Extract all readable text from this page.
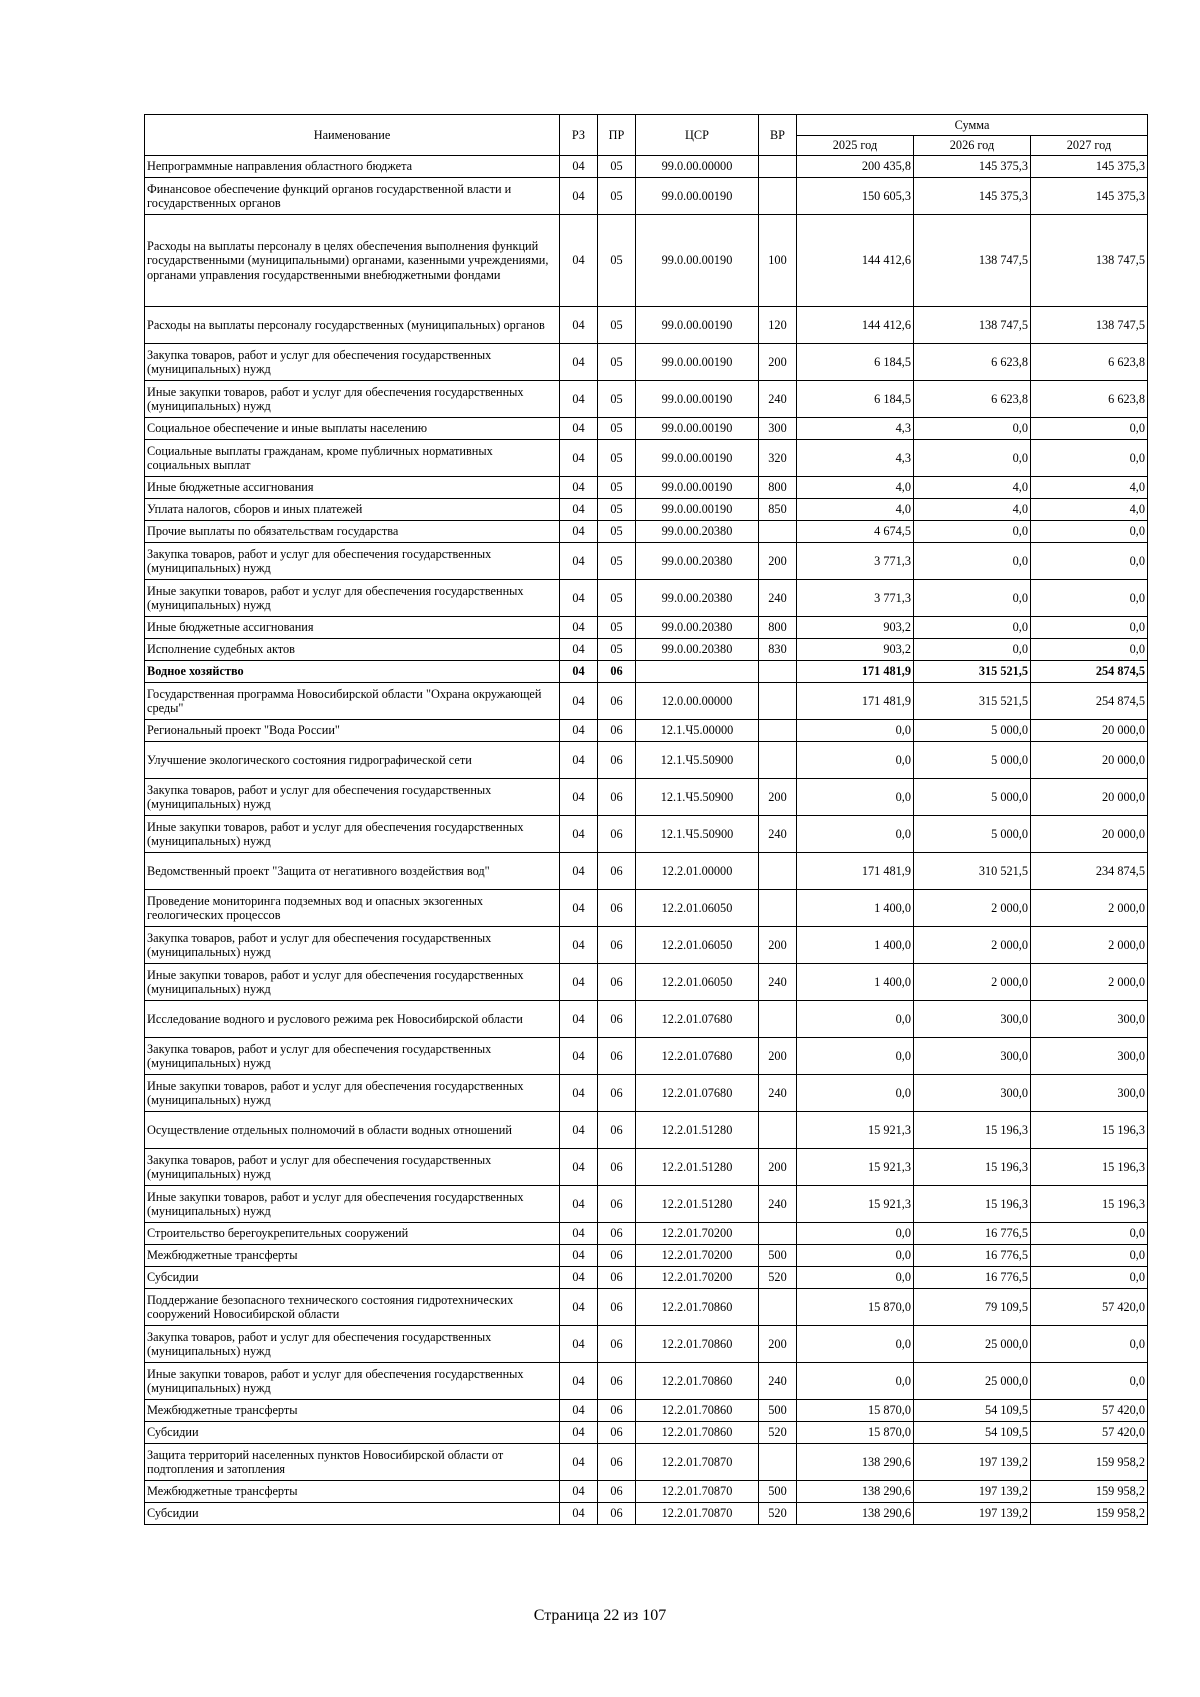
Наименование	РЗ	ПР	ЦСР	ВР	Сумма		
					2025 год	2026 год	2027 год
Непрограммные направления областного бюджета	04	05	99.0.00.00000		200 435,8	145 375,3	145 375,3
Финансовое обеспечение функций органов государственной власти и государственных органов	04	05	99.0.00.00190		150 605,3	145 375,3	145 375,3
Расходы на выплаты персоналу в целях обеспечения выполнения функций государственными (муниципальными) органами, казенными учреждениями, органами управления государственными внебюджетными фондами	04	05	99.0.00.00190	100	144 412,6	138 747,5	138 747,5
Расходы на выплаты персоналу государственных (муниципальных) органов	04	05	99.0.00.00190	120	144 412,6	138 747,5	138 747,5
Закупка товаров, работ и услуг для обеспечения государственных (муниципальных) нужд	04	05	99.0.00.00190	200	6 184,5	6 623,8	6 623,8
Иные закупки товаров, работ и услуг для обеспечения государственных (муниципальных) нужд	04	05	99.0.00.00190	240	6 184,5	6 623,8	6 623,8
Социальное обеспечение и иные выплаты населению	04	05	99.0.00.00190	300	4,3	0,0	0,0
Социальные выплаты гражданам, кроме публичных нормативных социальных выплат	04	05	99.0.00.00190	320	4,3	0,0	0,0
Иные бюджетные ассигнования	04	05	99.0.00.00190	800	4,0	4,0	4,0
Уплата налогов, сборов и иных платежей	04	05	99.0.00.00190	850	4,0	4,0	4,0
Прочие выплаты по обязательствам государства	04	05	99.0.00.20380		4 674,5	0,0	0,0
Закупка товаров, работ и услуг для обеспечения государственных (муниципальных) нужд	04	05	99.0.00.20380	200	3 771,3	0,0	0,0
Иные закупки товаров, работ и услуг для обеспечения государственных (муниципальных) нужд	04	05	99.0.00.20380	240	3 771,3	0,0	0,0
Иные бюджетные ассигнования	04	05	99.0.00.20380	800	903,2	0,0	0,0
Исполнение судебных актов	04	05	99.0.00.20380	830	903,2	0,0	0,0
Водное хозяйство	04	06			171 481,9	315 521,5	254 874,5
Государственная программа Новосибирской области "Охрана окружающей среды"	04	06	12.0.00.00000		171 481,9	315 521,5	254 874,5
Региональный проект "Вода России"	04	06	12.1.Ч5.00000		0,0	5 000,0	20 000,0
Улучшение экологического состояния гидрографической сети	04	06	12.1.Ч5.50900		0,0	5 000,0	20 000,0
Закупка товаров, работ и услуг для обеспечения государственных (муниципальных) нужд	04	06	12.1.Ч5.50900	200	0,0	5 000,0	20 000,0
Иные закупки товаров, работ и услуг для обеспечения государственных (муниципальных) нужд	04	06	12.1.Ч5.50900	240	0,0	5 000,0	20 000,0
Ведомственный проект "Защита от негативного воздействия вод"	04	06	12.2.01.00000		171 481,9	310 521,5	234 874,5
Проведение мониторинга подземных вод и опасных экзогенных геологических процессов	04	06	12.2.01.06050		1 400,0	2 000,0	2 000,0
Закупка товаров, работ и услуг для обеспечения государственных (муниципальных) нужд	04	06	12.2.01.06050	200	1 400,0	2 000,0	2 000,0
Иные закупки товаров, работ и услуг для обеспечения государственных (муниципальных) нужд	04	06	12.2.01.06050	240	1 400,0	2 000,0	2 000,0
Исследование водного и руслового режима рек Новосибирской области	04	06	12.2.01.07680		0,0	300,0	300,0
Закупка товаров, работ и услуг для обеспечения государственных (муниципальных) нужд	04	06	12.2.01.07680	200	0,0	300,0	300,0
Иные закупки товаров, работ и услуг для обеспечения государственных (муниципальных) нужд	04	06	12.2.01.07680	240	0,0	300,0	300,0
Осуществление отдельных полномочий в области водных отношений	04	06	12.2.01.51280		15 921,3	15 196,3	15 196,3
Закупка товаров, работ и услуг для обеспечения государственных (муниципальных) нужд	04	06	12.2.01.51280	200	15 921,3	15 196,3	15 196,3
Иные закупки товаров, работ и услуг для обеспечения государственных (муниципальных) нужд	04	06	12.2.01.51280	240	15 921,3	15 196,3	15 196,3
Строительство берегоукрепительных сооружений	04	06	12.2.01.70200		0,0	16 776,5	0,0
Межбюджетные трансферты	04	06	12.2.01.70200	500	0,0	16 776,5	0,0
Субсидии	04	06	12.2.01.70200	520	0,0	16 776,5	0,0
Поддержание безопасного технического состояния гидротехнических сооружений Новосибирской области	04	06	12.2.01.70860		15 870,0	79 109,5	57 420,0
Закупка товаров, работ и услуг для обеспечения государственных (муниципальных) нужд	04	06	12.2.01.70860	200	0,0	25 000,0	0,0
Иные закупки товаров, работ и услуг для обеспечения государственных (муниципальных) нужд	04	06	12.2.01.70860	240	0,0	25 000,0	0,0
Межбюджетные трансферты	04	06	12.2.01.70860	500	15 870,0	54 109,5	57 420,0
Субсидии	04	06	12.2.01.70860	520	15 870,0	54 109,5	57 420,0
Защита территорий населенных пунктов Новосибирской области от подтопления и затопления	04	06	12.2.01.70870		138 290,6	197 139,2	159 958,2
Межбюджетные трансферты	04	06	12.2.01.70870	500	138 290,6	197 139,2	159 958,2
Субсидии	04	06	12.2.01.70870	520	138 290,6	197 139,2	159 958,2
Страница 22 из 107
